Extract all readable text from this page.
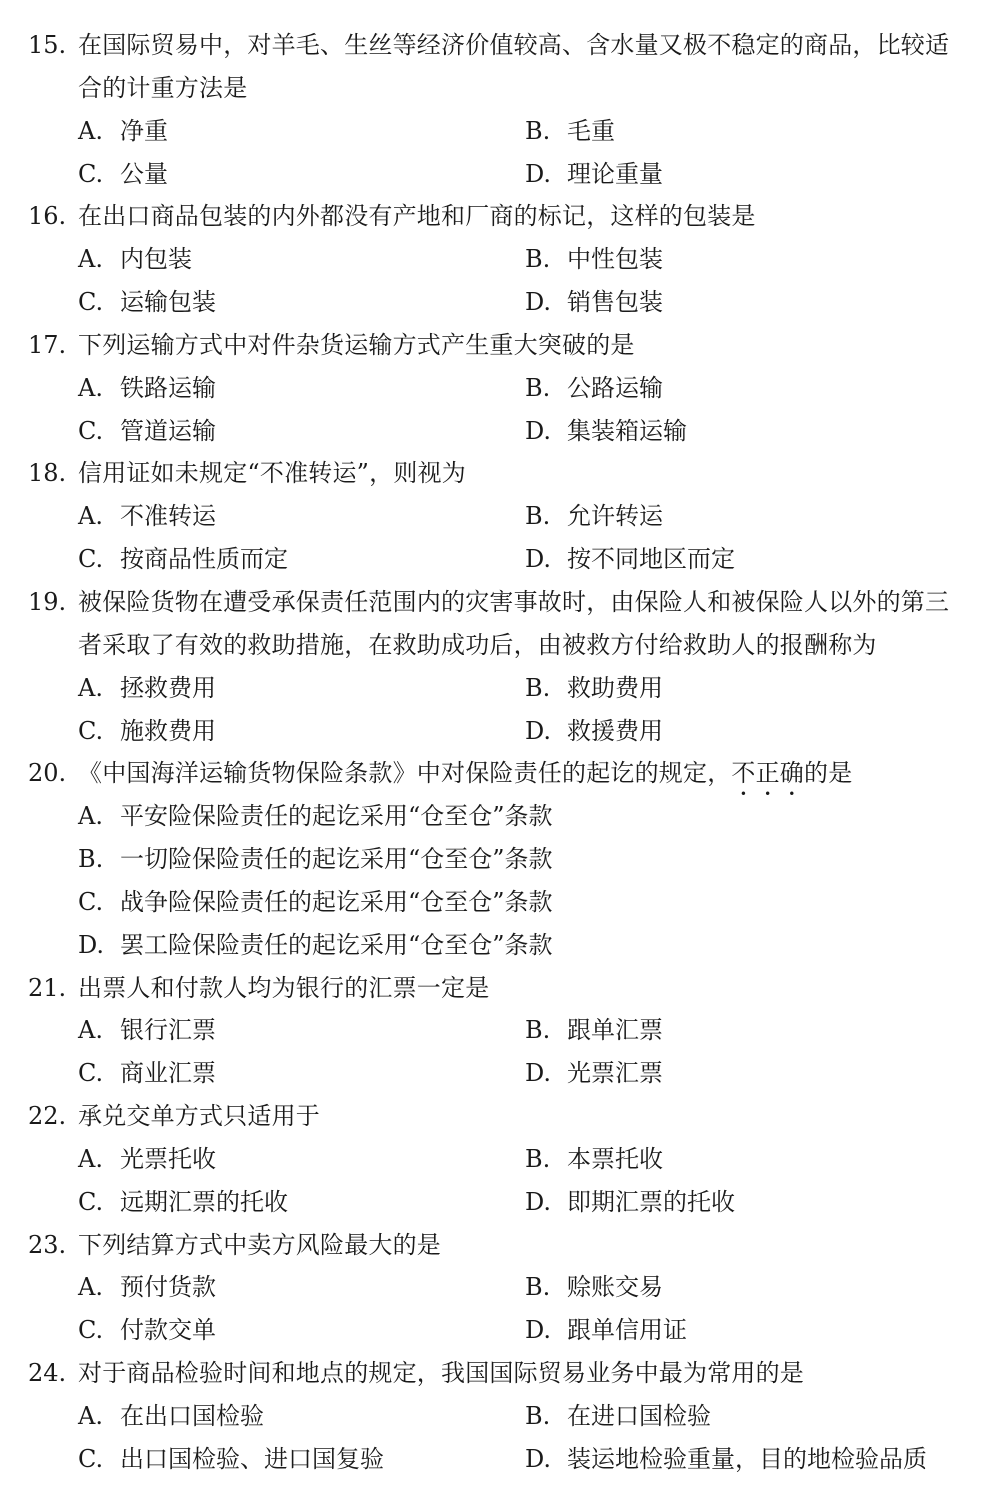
15. 在国际贸易中，对羊毛、生丝等经济价值较高、含水量又极不稳定的商品，比较适
合的计重方法是
A. 净重	B. 毛重
C. 公量	D. 理论重量
16. 在出口商品包装的内外都没有产地和厂商的标记，这样的包装是
A. 内包装	B. 中性包装
C. 运输包装	D. 销售包装
17. 下列运输方式中对件杂货运输方式产生重大突破的是
A. 铁路运输	B. 公路运输
C. 管道运输	D. 集装箱运输
18. 信用证如未规定“不准转运”，则视为
A. 不准转运	B. 允许转运
C. 按商品性质而定	D. 按不同地区而定
19. 被保险货物在遭受承保责任范围内的灾害事故时，由保险人和被保险人以外的第三
者采取了有效的救助措施，在救助成功后，由被救方付给救助人的报酬称为
A. 拯救费用	B. 救助费用
C. 施救费用	D. 救援费用
20. 《中国海洋运输货物保险条款》中对保险责任的起讫的规定，不正确的是
A. 平安险保险责任的起讫采用“仓至仓”条款
B. 一切险保险责任的起讫采用“仓至仓”条款
C. 战争险保险责任的起讫采用“仓至仓”条款
D. 罢工险保险责任的起讫采用“仓至仓”条款
21. 出票人和付款人均为银行的汇票一定是
A. 银行汇票	B. 跟单汇票
C. 商业汇票	D. 光票汇票
22. 承兑交单方式只适用于
A. 光票托收	B. 本票托收
C. 远期汇票的托收	D. 即期汇票的托收
23. 下列结算方式中卖方风险最大的是
A. 预付货款	B. 赊账交易
C. 付款交单	D. 跟单信用证
24. 对于商品检验时间和地点的规定，我国国际贸易业务中最为常用的是
A. 在出口国检验	B. 在进口国检验
C. 出口国检验、进口国复验	D. 装运地检验重量，目的地检验品质
